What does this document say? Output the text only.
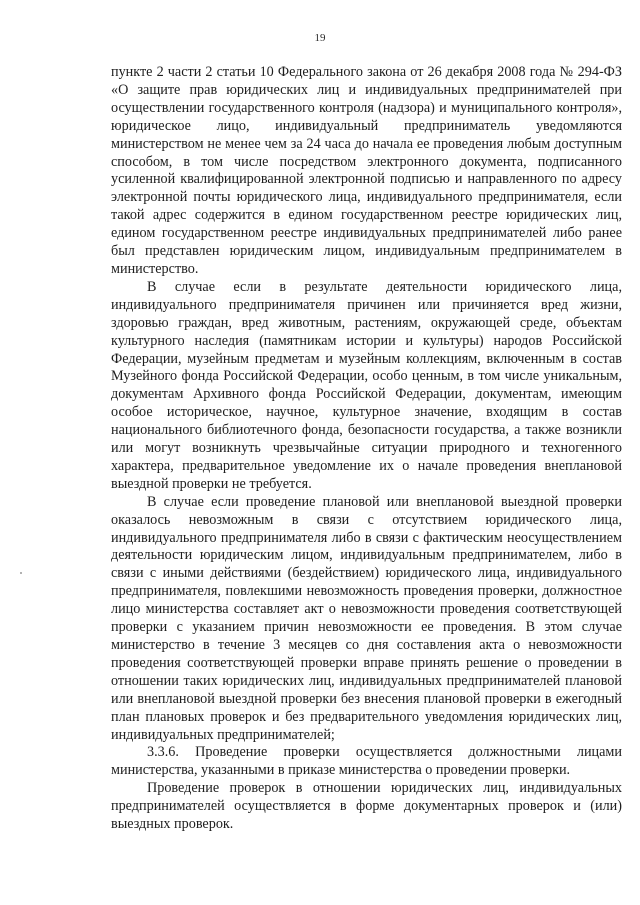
19

пункте 2 части 2 статьи 10 Федерального закона от 26 декабря 2008 года № 294-ФЗ «О защите прав юридических лиц и индивидуальных предпринимателей при осуществлении государственного контроля (надзора) и муниципального контроля», юридическое лицо, индивидуальный предприниматель уведомляются министерством не менее чем за 24 часа до начала ее проведения любым доступным способом, в том числе посредством электронного документа, подписанного усиленной квалифицированной электронной подписью и направленного по адресу электронной почты юридического лица, индивидуального предпринимателя, если такой адрес содержится в едином государственном реестре юридических лиц, едином государственном реестре индивидуальных предпринимателей либо ранее был представлен юридическим лицом, индивидуальным предпринимателем в министерство.

В случае если в результате деятельности юридического лица, индивидуального предпринимателя причинен или причиняется вред жизни, здоровью граждан, вред животным, растениям, окружающей среде, объектам культурного наследия (памятникам истории и культуры) народов Российской Федерации, музейным предметам и музейным коллекциям, включенным в состав Музейного фонда Российской Федерации, особо ценным, в том числе уникальным, документам Архивного фонда Российской Федерации, документам, имеющим особое историческое, научное, культурное значение, входящим в состав национального библиотечного фонда, безопасности государства, а также возникли или могут возникнуть чрезвычайные ситуации природного и техногенного характера, предварительное уведомление их о начале проведения внеплановой выездной проверки не требуется.

В случае если проведение плановой или внеплановой выездной проверки оказалось невозможным в связи с отсутствием юридического лица, индивидуального предпринимателя либо в связи с фактическим неосуществлением деятельности юридическим лицом, индивидуальным предпринимателем, либо в связи с иными действиями (бездействием) юридического лица, индивидуального предпринимателя, повлекшими невозможность проведения проверки, должностное лицо министерства составляет акт о невозможности проведения соответствующей проверки с указанием причин невозможности ее проведения. В этом случае министерство в течение 3 месяцев со дня составления акта о невозможности проведения соответствующей проверки вправе принять решение о проведении в отношении таких юридических лиц, индивидуальных предпринимателей плановой или внеплановой выездной проверки без внесения плановой проверки в ежегодный план плановых проверок и без предварительного уведомления юридических лиц, индивидуальных предпринимателей;

3.3.6. Проведение проверки осуществляется должностными лицами министерства, указанными в приказе министерства о проведении проверки.

Проведение проверок в отношении юридических лиц, индивидуальных предпринимателей осуществляется в форме документарных проверок и (или) выездных проверок.
